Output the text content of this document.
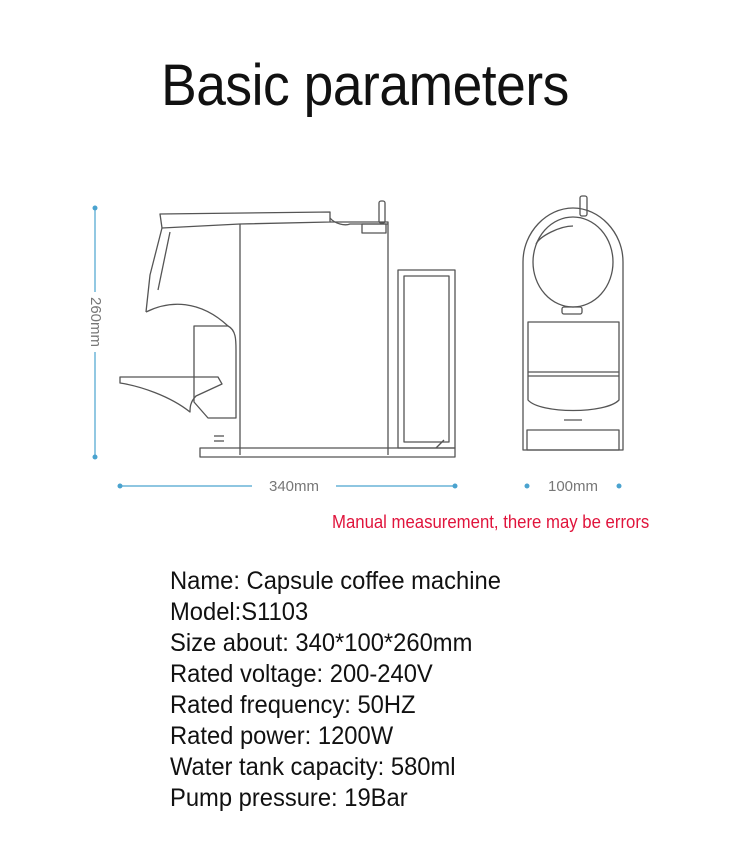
Basic parameters
260mm
340mm	100mm
Manual measurement, there may be errors
Name: Capsule coffee machine
Model:S1103
Size about: 340*100*260mm
Rated voltage: 200-240V
Rated frequency: 50HZ
Rated power: 1200W
Water tank capacity: 580ml
Pump pressure: 19Bar
